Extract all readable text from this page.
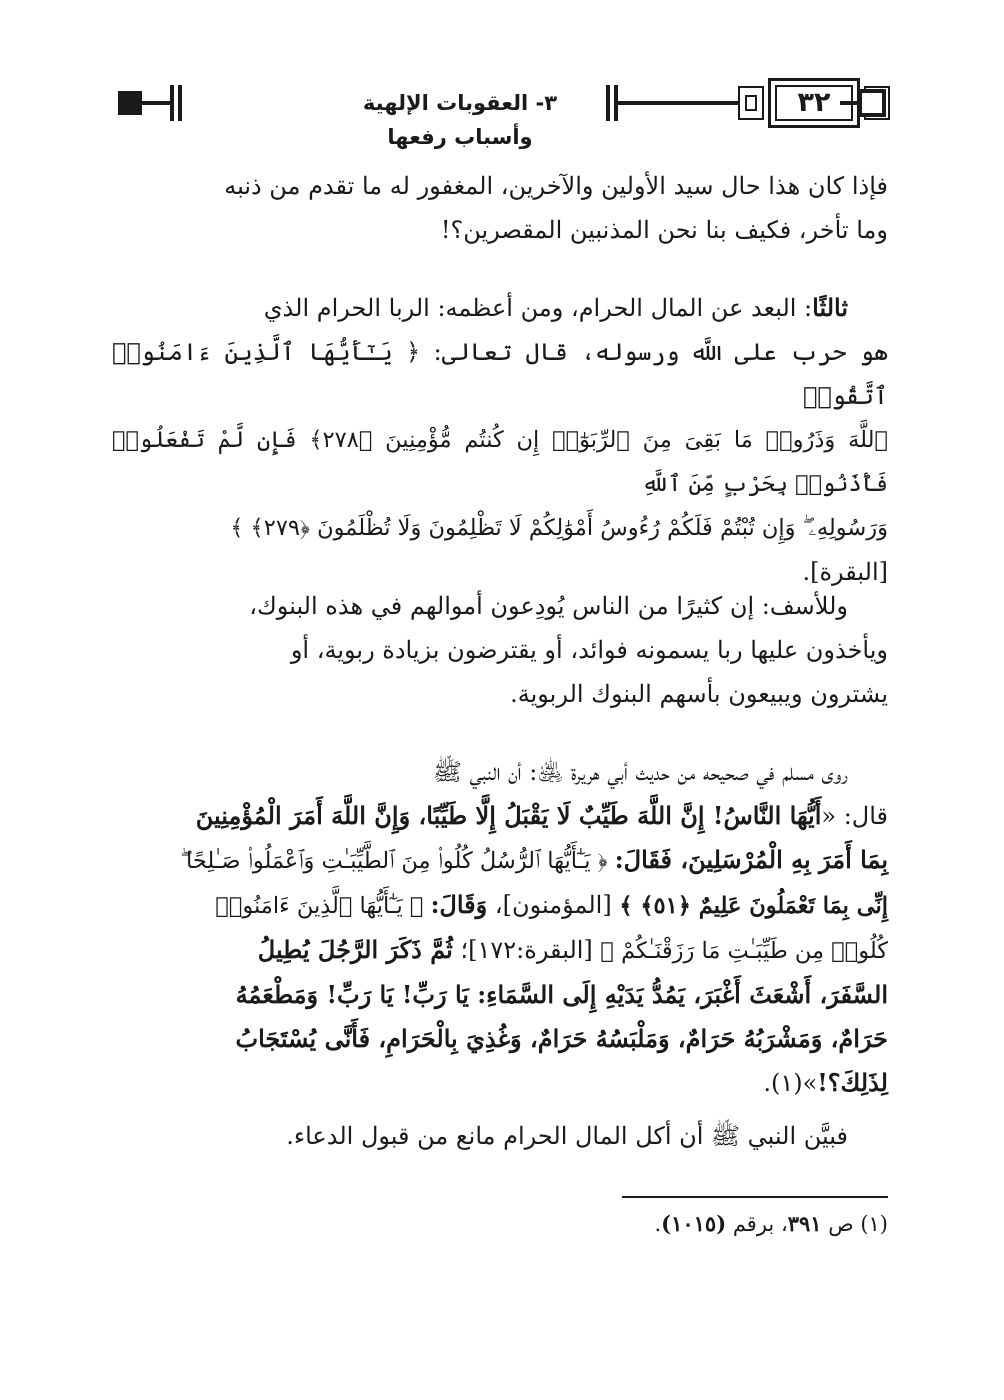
٣- العقوبات الإلهية وأسباب رفعها
٣٢

فإذا كان هذا حال سيد الأولين والآخرين، المغفور له ما تقدم من ذنبه

وما تأخر، فكيف بنا نحن المذنبين المقصرين؟!

ثالثًا: البعد عن المال الحرام، ومن أعظمه: الربا الحرام الذي

هو حرب على اللَّه ورسوله، قال تعالى: ﴿ يَـٰٓأَيُّهَا ٱلَّذِينَ ءَامَنُوا۟ ٱتَّقُوا۟

ٱللَّهَ وَذَرُوا۟ مَا بَقِىَ مِنَ ٱلرِّبَوٰٓا۟ إِن كُنتُم مُّؤْمِنِينَ ﴿٢٧٨﴾ فَإِن لَّمْ تَفْعَلُوا۟ فَأْذَنُوا۟ بِحَرْبٍ مِّنَ ٱللَّهِ

وَرَسُولِهِۦ ۖ وَإِن تُبْتُمْ فَلَكُمْ رُءُوسُ أَمْوَٰلِكُمْ لَا تَظْلِمُونَ وَلَا تُظْلَمُونَ ﴿٢٧٩﴾ ﴾

[البقرة].

وللأسف: إن كثيرًا من الناس يُودِعون أموالهم في هذه البنوك،

ويأخذون عليها ربا يسمونه فوائد، أو يقترضون بزيادة ربوية، أو

يشترون ويبيعون بأسهم البنوك الربوية.

روى مسلم في صحيحه من حديث أبي هريرة ﵁: أن النبي ﷺ

قال: «أَيُّهَا النَّاسُ! إِنَّ اللَّهَ طَيِّبٌ لَا يَقْبَلُ إِلَّا طَيِّبًا، وَإِنَّ اللَّهَ أَمَرَ الْمُؤْمِنِينَ

بِمَا أَمَرَ بِهِ الْمُرْسَلِينَ، فَقَالَ: ﴿ يَـٰٓأَيُّهَا ٱلرُّسُلُ كُلُوا۟ مِنَ ٱلطَّيِّبَـٰتِ وَٱعْمَلُوا۟ صَـٰلِحًا ۖ

إِنِّى بِمَا تَعْمَلُونَ عَلِيمٌ ﴿٥١﴾ ﴾ [المؤمنون]، وَقَالَ: ﴿ يَـٰٓأَيُّهَا ٱلَّذِينَ ءَامَنُوا۟

كُلُوا۟ مِن طَيِّبَـٰتِ مَا رَزَقْنَـٰكُمْ ﴾ [البقرة:١٧٢]؛ ثُمَّ ذَكَرَ الرَّجُلَ يُطِيلُ

السَّفَرَ، أَشْعَثَ أَغْبَرَ، يَمُدُّ يَدَيْهِ إِلَى السَّمَاءِ: يَا رَبِّ! يَا رَبِّ! وَمَطْعَمُهُ

حَرَامٌ، وَمَشْرَبُهُ حَرَامٌ، وَمَلْبَسُهُ حَرَامٌ، وَغُذِيَ بِالْحَرَامِ، فَأَنَّى يُسْتَجَابُ

لِذَلِكَ؟!»(١).

فبيَّن النبي ﷺ أن أكل المال الحرام مانع من قبول الدعاء.

(١) ص ٣٩١، برقم (١٠١٥).
